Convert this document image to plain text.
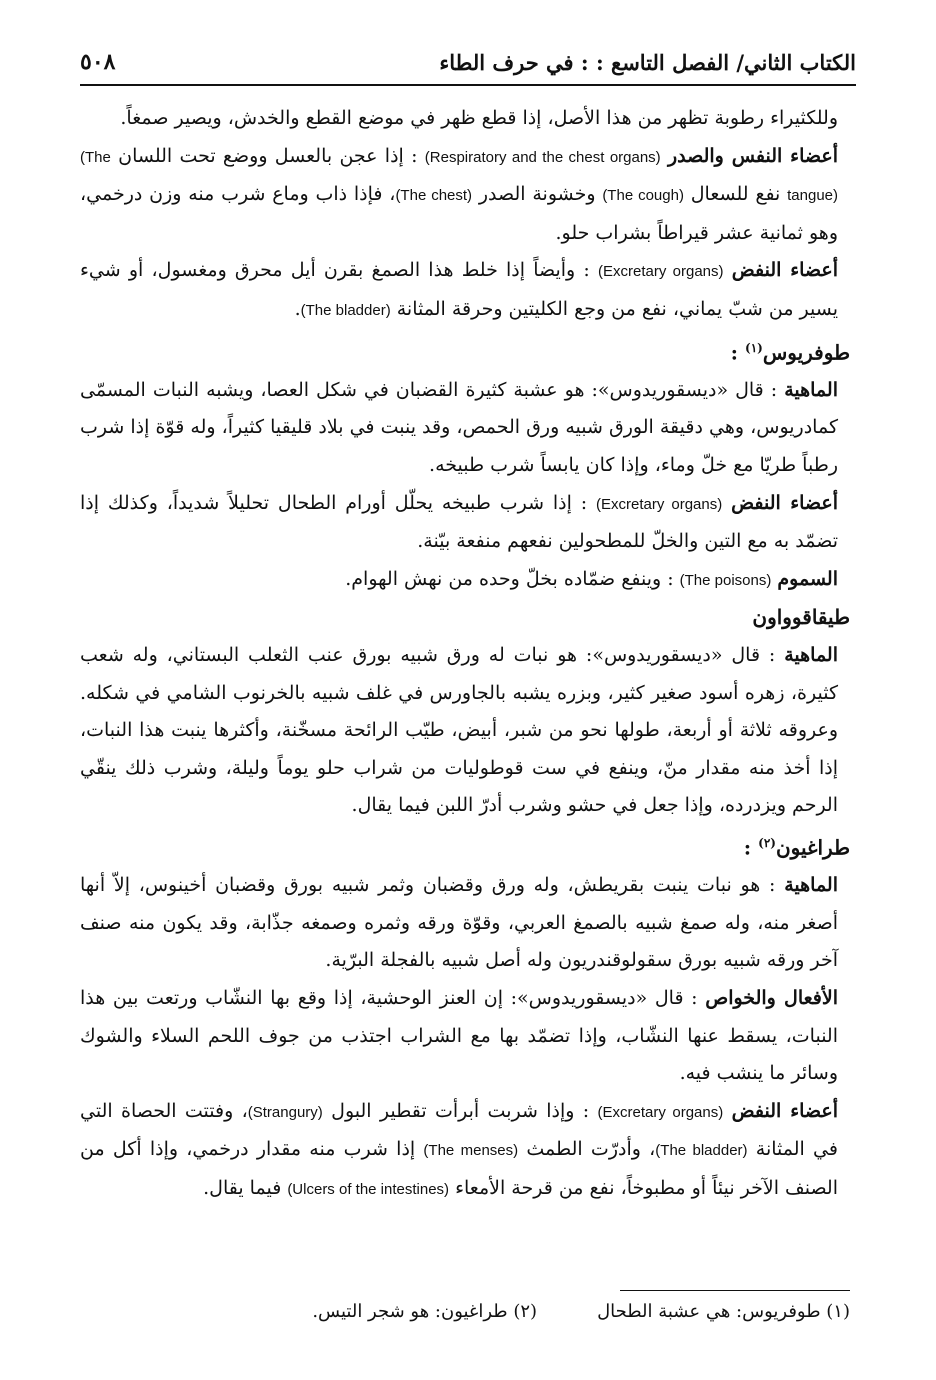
الكتاب الثاني/ الفصل التاسع : : في حرف الطاء
٥٠٨

وللكثيراء رطوبة تظهر من هذا الأصل، إذا قطع ظهر في موضع القطع والخدش، ويصير صمغاً.

أعضاء النفس والصدر (Respiratory and the chest organs) : إذا عجن بالعسل ووضع تحت اللسان (The tangue) نفع للسعال (The cough) وخشونة الصدر (The chest)، فإذا ذاب وماع شرب منه وزن درخمي، وهو ثمانية عشر قيراطاً بشراب حلو.

أعضاء النفض (Excretary organs) : وأيضاً إذا خلط هذا الصمغ بقرن أيل محرق ومغسول، أو شيء يسير من شبّ يماني، نفع من وجع الكليتين وحرقة المثانة (The bladder).

طوفريوس$^{(١)}$ :

الماهية : قال «ديسقوريدوس»: هو عشبة كثيرة القضبان في شكل العصا، ويشبه النبات المسمّى كمادريوس، وهي دقيقة الورق شبيه ورق الحمص، وقد ينبت في بلاد قليقيا كثيراً، وله قوّة إذا شرب رطباً طريّا مع خلّ وماء، وإذا كان يابساً شرب طبيخه.

أعضاء النفض (Excretary organs) : إذا شرب طبيخه يحلّل أورام الطحال تحليلاً شديداً، وكذلك إذا تضمّد به مع التين والخلّ للمطحولين نفعهم منفعة بيّنة.

السموم (The poisons) : وينفع ضمّاده بخلّ وحده من نهش الهوام.

طيقاقوواون

الماهية : قال «ديسقوريدوس»: هو نبات له ورق شبيه بورق عنب الثعلب البستاني، وله شعب كثيرة، زهره أسود صغير كثير، وبزره يشبه بالجاورس في غلف شبيه بالخرنوب الشامي في شكله. وعروقه ثلاثة أو أربعة، طولها نحو من شبر، أبيض، طيّب الرائحة مسخّنة، وأكثرها ينبت هذا النبات، إذا أخذ منه مقدار منّ، وينفع في ست قوطوليات من شراب حلو يوماً وليلة، وشرب ذلك ينقّي الرحم ويزدرده، وإذا جعل في حشو وشرب أدرّ اللبن فيما يقال.

طراغيون$^{(٢)}$ :

الماهية : هو نبات ينبت بقريطش، وله ورق وقضبان وثمر شبيه بورق وقضبان أخينوس، إلاّ أنها أصغر منه، وله صمغ شبيه بالصمغ العربي، وقوّة ورقه وثمره وصمغه جذّابة، وقد يكون منه صنف آخر ورقه شبيه بورق سقولوقندريون وله أصل شبيه بالفجلة البرّية.

الأفعال والخواص : قال «ديسقوريدوس»: إن العنز الوحشية، إذا وقع بها النشّاب ورتعت بين هذا النبات، يسقط عنها النشّاب، وإذا تضمّد بها مع الشراب اجتذب من جوف اللحم السلاء والشوك وسائر ما ينشب فيه.

أعضاء النفض (Excretary organs) : وإذا شربت أبرأت تقطير البول (Strangury)، وفتتت الحصاة التي في المثانة (The bladder)، وأدرّت الطمث (The menses) إذا شرب منه مقدار درخمي، وإذا أكل من الصنف الآخر نيئاً أو مطبوخاً، نفع من قرحة الأمعاء (Ulcers of the intestines) فيما يقال.

(١) طوفريوس: هي عشبة الطحال
(٢) طراغيون: هو شجر التيس.
